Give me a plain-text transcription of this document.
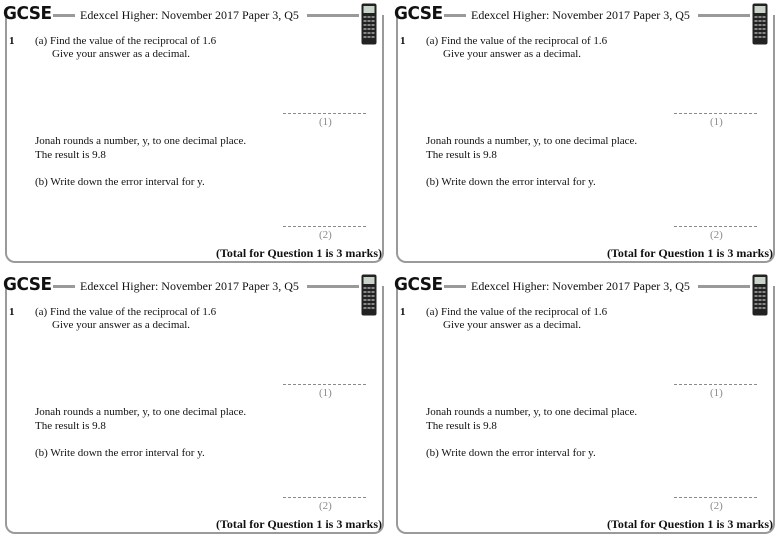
GCSE Edexcel Higher: November 2017 Paper 3, Q5
1 (a) Find the value of the reciprocal of 1.6
Give your answer as a decimal.
(1)
Jonah rounds a number, y, to one decimal place.
The result is 9.8
(b) Write down the error interval for y.
(2)
(Total for Question 1 is 3 marks)
GCSE Edexcel Higher: November 2017 Paper 3, Q5
1 (a) Find the value of the reciprocal of 1.6
Give your answer as a decimal.
(1)
Jonah rounds a number, y, to one decimal place.
The result is 9.8
(b) Write down the error interval for y.
(2)
(Total for Question 1 is 3 marks)
GCSE Edexcel Higher: November 2017 Paper 3, Q5
1 (a) Find the value of the reciprocal of 1.6
Give your answer as a decimal.
(1)
Jonah rounds a number, y, to one decimal place.
The result is 9.8
(b) Write down the error interval for y.
(2)
(Total for Question 1 is 3 marks)
GCSE Edexcel Higher: November 2017 Paper 3, Q5
1 (a) Find the value of the reciprocal of 1.6
Give your answer as a decimal.
(1)
Jonah rounds a number, y, to one decimal place.
The result is 9.8
(b) Write down the error interval for y.
(2)
(Total for Question 1 is 3 marks)
